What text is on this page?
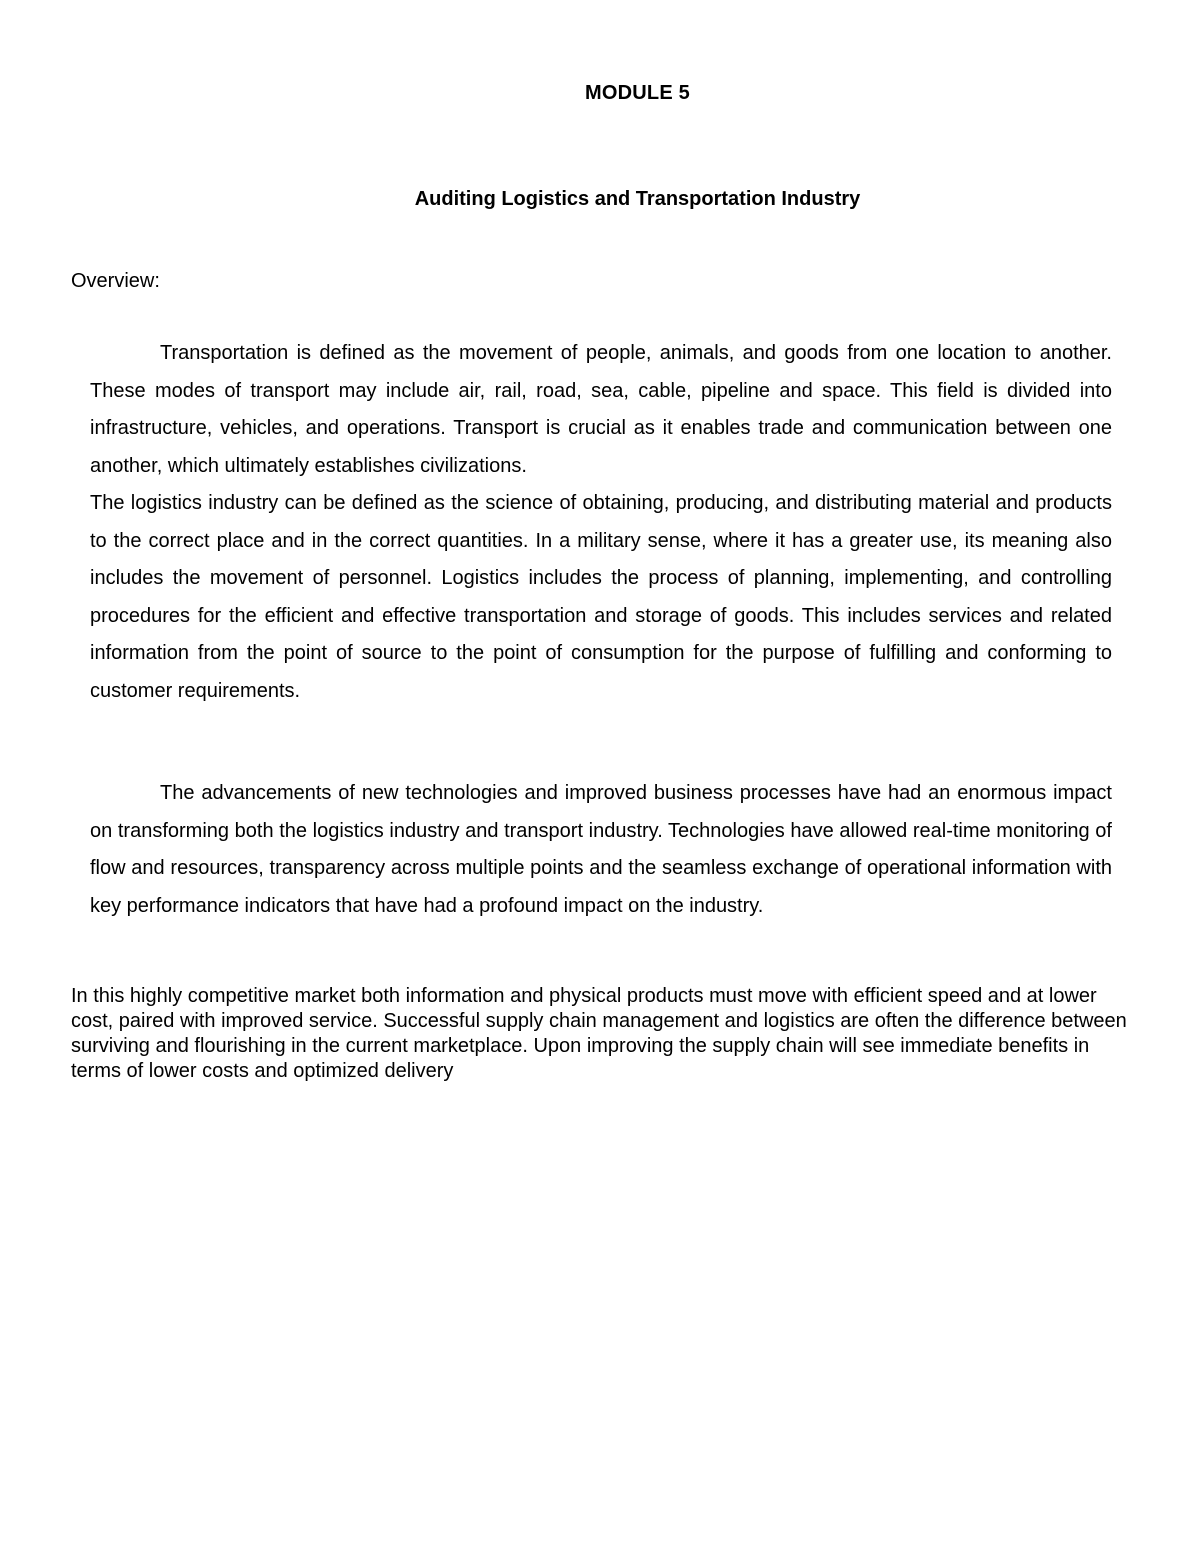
MODULE 5
Auditing Logistics and Transportation Industry
Overview:

Transportation is defined as the movement of people, animals, and goods from one location to another. These modes of transport may include air, rail, road, sea, cable, pipeline and space. This field is divided into infrastructure, vehicles, and operations. Transport is crucial as it enables trade and communication between one another, which ultimately establishes civilizations.

The logistics industry can be defined as the science of obtaining, producing, and distributing material and products to the correct place and in the correct quantities. In a military sense, where it has a greater use, its meaning also includes the movement of personnel. Logistics includes the process of planning, implementing, and controlling procedures for the efficient and effective transportation and storage of goods. This includes services and related information from the point of source to the point of consumption for the purpose of fulfilling and conforming to customer requirements.

The advancements of new technologies and improved business processes have had an enormous impact on transforming both the logistics industry and transport industry. Technologies have allowed real-time monitoring of flow and resources, transparency across multiple points and the seamless exchange of operational information with key performance indicators that have had a profound impact on the industry.

In this highly competitive market both information and physical products must move with efficient speed and at lower cost, paired with improved service. Successful supply chain management and logistics are often the difference between surviving and flourishing in the current marketplace. Upon improving the supply chain will see immediate benefits in terms of lower costs and optimized delivery
